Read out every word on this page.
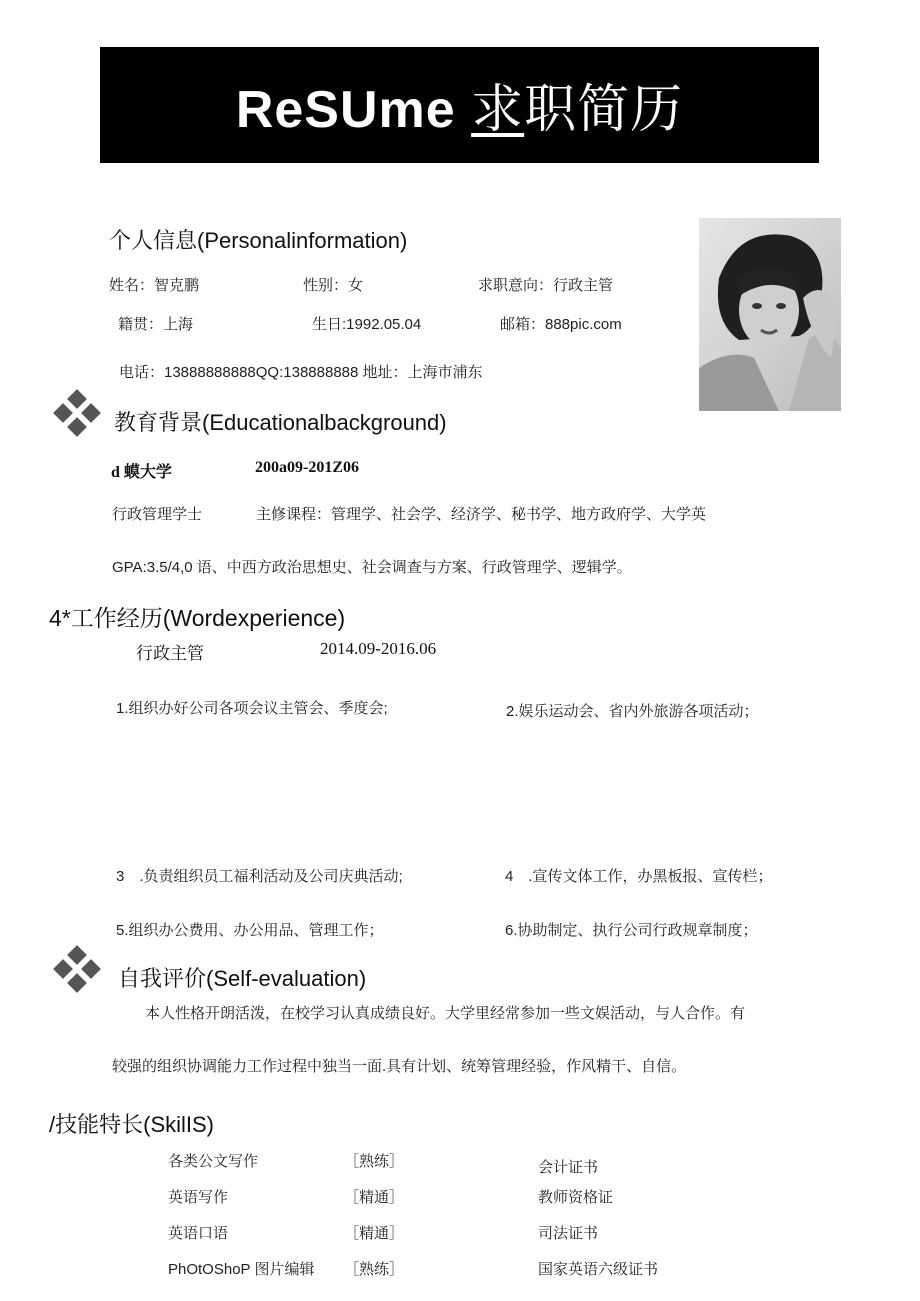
ReSUme 求职简历
个人信息(Personalinformation)
姓名：智克鹏	性别：女	求职意向：行政主管
籍贯：上海	生日:1992.05.04	邮箱：888pic.com
电话：13888888888QQ:138888888 地址：上海市浦东
教育背景(Educationalbackground)
d 蟆大学	200a09-201Z06
行政管理学士	主修课程：管理学、社会学、经济学、秘书学、地方政府学、大学英
GPA:3.5/4,0 语、中西方政治思想史、社会调查与方案、行政管理学、逻辑学。
4*工作经历(Wordexperience)
行政主管	2014.09-2016.06
1.组织办好公司各项会议主管会、季度会;	2.娱乐运动会、省内外旅游各项活动；
3　.负责组织员工福利活动及公司庆典活动;	4　.宣传文体工作，办黑板报、宣传栏；
5.组织办公费用、办公用品、管理工作；	6.协助制定、执行公司行政规章制度；
自我评价(Self-evaluation)
本人性格开朗活泼，在校学习认真成绩良好。大学里经常参加一些文娱活动，与人合作。有
较强的组织协调能力工作过程中独当一面.具有计划、统筹管理经验，作风精干、自信。
/技能特长(SkilIS)
各类公文写作	［熟练］	会计证书
英语写作	［精通］	教师资格证
英语口语	［精通］	司法证书
PhOtOShoP 图片编辑 ［熟练］	国家英语六级证书
